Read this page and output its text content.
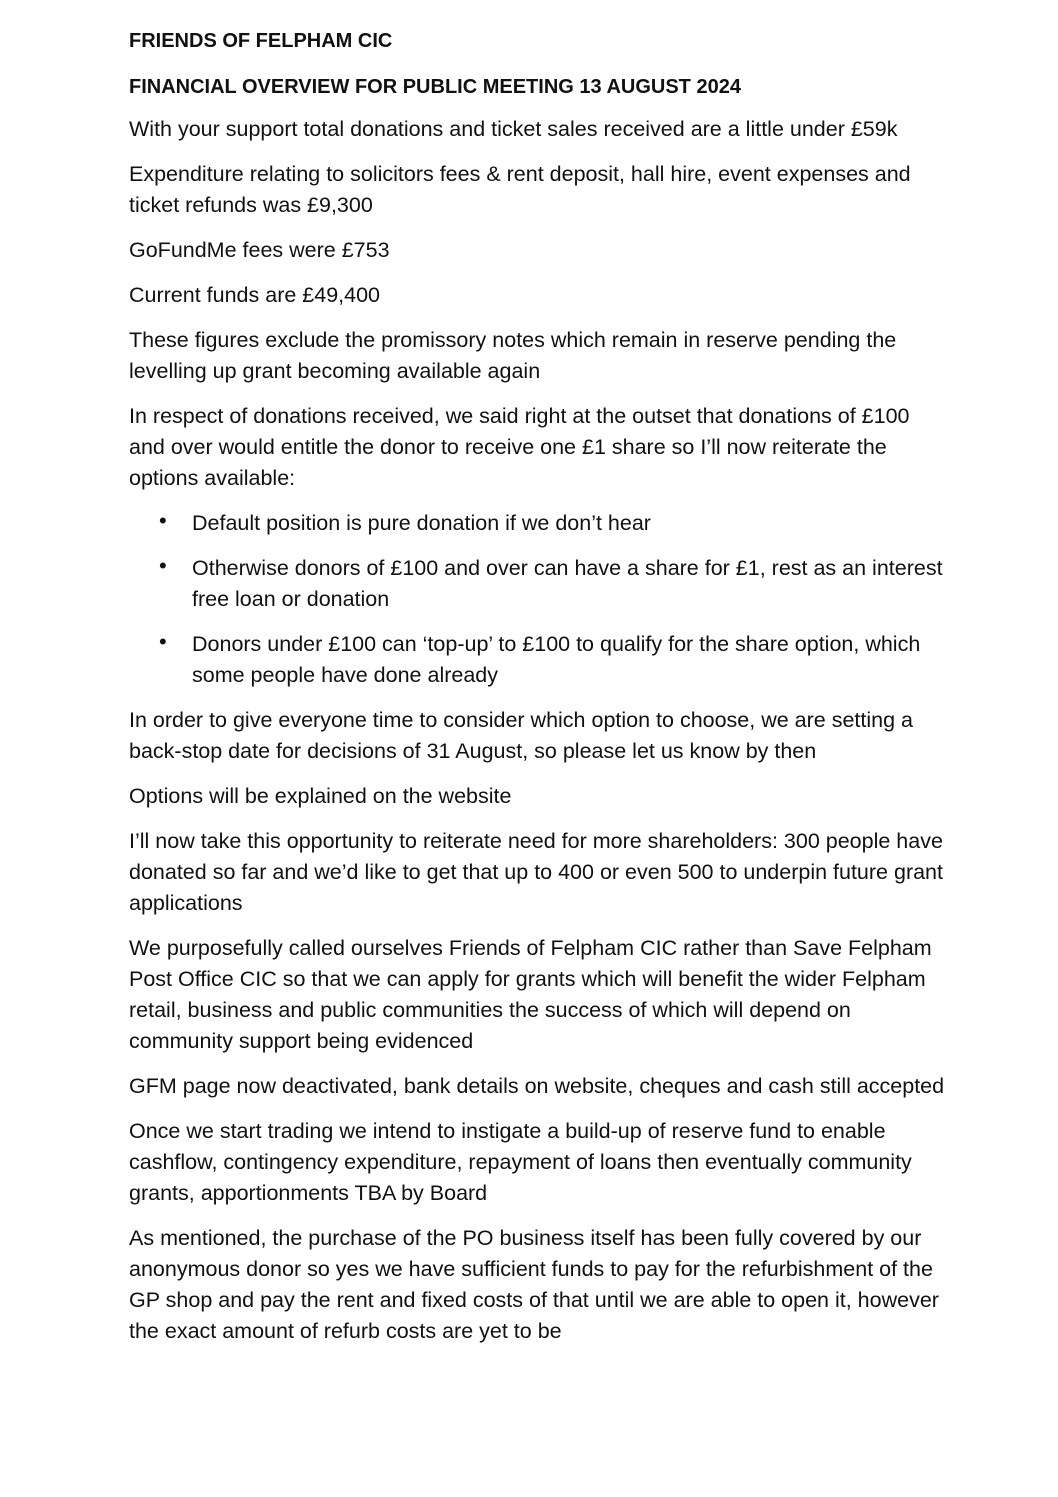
FRIENDS OF FELPHAM CIC
FINANCIAL OVERVIEW FOR PUBLIC MEETING 13 AUGUST 2024

With your support total donations and ticket sales received are a little under £59k

Expenditure relating to solicitors fees & rent deposit, hall hire, event expenses and ticket refunds was £9,300

GoFundMe fees were £753

Current funds are £49,400

These figures exclude the promissory notes which remain in reserve pending the levelling up grant becoming available again

In respect of donations received, we said right at the outset that donations of £100 and over would entitle the donor to receive one £1 share so I’ll now reiterate the options available:

• Default position is pure donation if we don’t hear
• Otherwise donors of £100 and over can have a share for £1, rest as an interest free loan or donation
• Donors under £100 can ‘top-up’ to £100 to qualify for the share option, which some people have done already

In order to give everyone time to consider which option to choose, we are setting a back-stop date for decisions of 31 August, so please let us know by then

Options will be explained on the website

I’ll now take this opportunity to reiterate need for more shareholders: 300 people have donated so far and we’d like to get that up to 400 or even 500 to underpin future grant applications

We purposefully called ourselves Friends of Felpham CIC rather than Save Felpham Post Office CIC so that we can apply for grants which will benefit the wider Felpham retail, business and public communities the success of which will depend on community support being evidenced

GFM page now deactivated, bank details on website, cheques and cash still accepted

Once we start trading we intend to instigate a build-up of reserve fund to enable cashflow, contingency expenditure, repayment of loans then eventually community grants, apportionments TBA by Board

As mentioned, the purchase of the PO business itself has been fully covered by our anonymous donor so yes we have sufficient funds to pay for the refurbishment of the GP shop and pay the rent and fixed costs of that until we are able to open it, however the exact amount of refurb costs are yet to be
